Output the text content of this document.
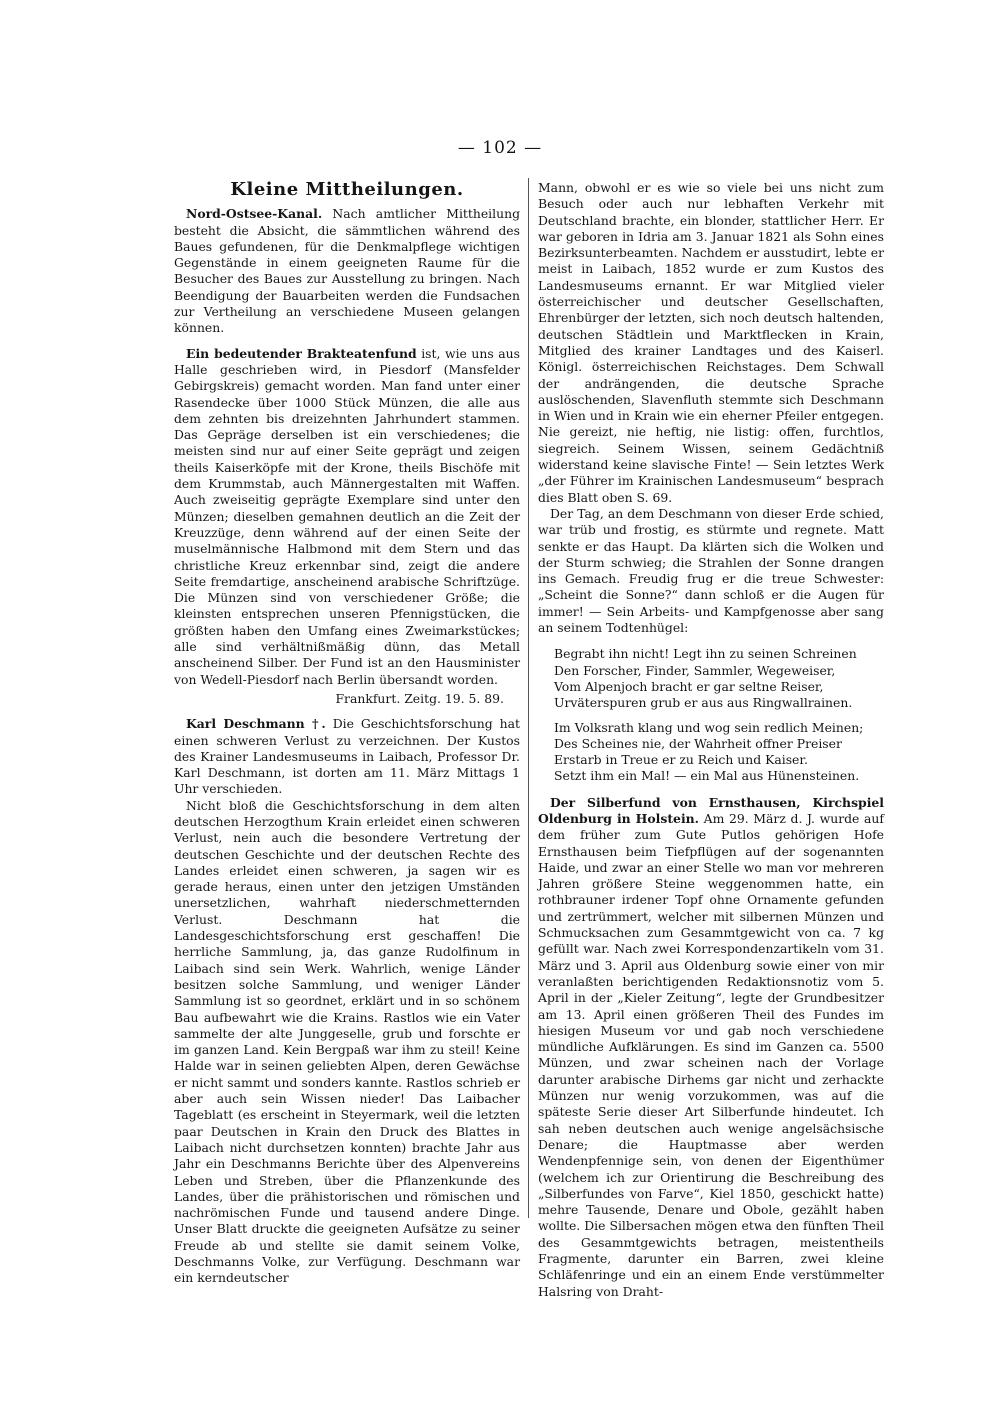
— 102 —
Kleine Mittheilungen.

Nord-Ostsee-Kanal. Nach amtlicher Mittheilung besteht die Absicht, die sämmtlichen während des Baues gefundenen, für die Denkmalpflege wichtigen Gegenstände in einem geeigneten Raume für die Besucher des Baues zur Ausstellung zu bringen. Nach Beendigung der Bauarbeiten werden die Fundsachen zur Vertheilung an verschiedene Museen gelangen können.

Ein bedeutender Brakteatenfund ist, wie uns aus Halle geschrieben wird, in Piesdorf (Mansfelder Gebirgskreis) gemacht worden. Man fand unter einer Rasendecke über 1000 Stück Münzen, die alle aus dem zehnten bis dreizehnten Jahrhundert stammen. Das Gepräge derselben ist ein verschiedenes; die meisten sind nur auf einer Seite geprägt und zeigen theils Kaiserköpfe mit der Krone, theils Bischöfe mit dem Krummstab, auch Männergestalten mit Waffen. Auch zweiseitig geprägte Exemplare sind unter den Münzen; dieselben gemahnen deutlich an die Zeit der Kreuzzüge, denn während auf der einen Seite der muselmännische Halbmond mit dem Stern und das christliche Kreuz erkennbar sind, zeigt die andere Seite fremdartige, anscheinend arabische Schriftzüge. Die Münzen sind von verschiedener Größe; die kleinsten entsprechen unseren Pfennigstücken, die größten haben den Umfang eines Zweimarkstückes; alle sind verhältnißmäßig dünn, das Metall anscheinend Silber. Der Fund ist an den Hausminister von Wedell-Piesdorf nach Berlin übersandt worden.

Frankfurt. Zeitg. 19. 5. 89.

Karl Deschmann †. Die Geschichtsforschung hat einen schweren Verlust zu verzeichnen. Der Kustos des Krainer Landesmuseums in Laibach, Professor Dr. Karl Deschmann, ist dorten am 11. März Mittags 1 Uhr verschieden.

Nicht bloß die Geschichtsforschung in dem alten deutschen Herzogthum Krain erleidet einen schweren Verlust, nein auch die besondere Vertretung der deutschen Geschichte und der deutschen Rechte des Landes erleidet einen schweren, ja sagen wir es gerade heraus, einen unter den jetzigen Umständen unersetzlichen, wahrhaft niederschmetternden Verlust. Deschmann hat die Landesgeschichtsforschung erst geschaffen! Die herrliche Sammlung, ja, das ganze Rudolfinum in Laibach sind sein Werk. Wahrlich, wenige Länder besitzen solche Sammlung, und weniger Länder Sammlung ist so geordnet, erklärt und in so schönem Bau aufbewahrt wie die Krains. Rastlos wie ein Vater sammelte der alte Junggeselle, grub und forschte er im ganzen Land. Kein Bergpaß war ihm zu steil! Keine Halde war in seinen geliebten Alpen, deren Gewächse er nicht sammt und sonders kannte. Rastlos schrieb er aber auch sein Wissen nieder! Das Laibacher Tageblatt (es erscheint in Steyermark, weil die letzten paar Deutschen in Krain den Druck des Blattes in Laibach nicht durchsetzen konnten) brachte Jahr aus Jahr ein Deschmanns Berichte über des Alpenvereins Leben und Streben, über die Pflanzenkunde des Landes, über die prähistorischen und römischen und nachrömischen Funde und tausend andere Dinge. Unser Blatt druckte die geeigneten Aufsätze zu seiner Freude ab und stellte sie damit seinem Volke, Deschmanns Volke, zur Verfügung. Deschmann war ein kerndeutscher

Mann, obwohl er es wie so viele bei uns nicht zum Besuch oder auch nur lebhaften Verkehr mit Deutschland brachte, ein blonder, stattlicher Herr. Er war geboren in Idria am 3. Januar 1821 als Sohn eines Bezirksunterbeamten. Nachdem er ausstudirt, lebte er meist in Laibach, 1852 wurde er zum Kustos des Landesmuseums ernannt. Er war Mitglied vieler österreichischer und deutscher Gesellschaften, Ehrenbürger der letzten, sich noch deutsch haltenden, deutschen Städtlein und Marktflecken in Krain, Mitglied des krainer Landtages und des Kaiserl. Königl. österreichischen Reichstages. Dem Schwall der andrängenden, die deutsche Sprache auslöschenden, Slavenfluth stemmte sich Deschmann in Wien und in Krain wie ein eherner Pfeiler entgegen. Nie gereizt, nie heftig, nie listig: offen, furchtlos, siegreich. Seinem Wissen, seinem Gedächtniß widerstand keine slavische Finte! — Sein letztes Werk „der Führer im Krainischen Landesmuseum“ besprach dies Blatt oben S. 69.

Der Tag, an dem Deschmann von dieser Erde schied, war trüb und frostig, es stürmte und regnete. Matt senkte er das Haupt. Da klärten sich die Wolken und der Sturm schwieg; die Strahlen der Sonne drangen ins Gemach. Freudig frug er die treue Schwester: „Scheint die Sonne?“ dann schloß er die Augen für immer! — Sein Arbeits- und Kampfgenosse aber sang an seinem Todtenhügel:

Begrabt ihn nicht! Legt ihn zu seinen Schreinen
Den Forscher, Finder, Sammler, Wegeweiser,
Vom Alpenjoch bracht er gar seltne Reiser,
Urväterspuren grub er aus aus Ringwallrainen.
Im Volksrath klang und wog sein redlich Meinen;
Des Scheines nie, der Wahrheit offner Preiser
Erstarb in Treue er zu Reich und Kaiser.
Setzt ihm ein Mal! — ein Mal aus Hünensteinen.

Der Silberfund von Ernsthausen, Kirchspiel Oldenburg in Holstein. Am 29. März d. J. wurde auf dem früher zum Gute Putlos gehörigen Hofe Ernsthausen beim Tiefpflügen auf der sogenannten Haide, und zwar an einer Stelle wo man vor mehreren Jahren größere Steine weggenommen hatte, ein rothbrauner irdener Topf ohne Ornamente gefunden und zertrümmert, welcher mit silbernen Münzen und Schmucksachen zum Gesammtgewicht von ca. 7 kg gefüllt war. Nach zwei Korrespondenzartikeln vom 31. März und 3. April aus Oldenburg sowie einer von mir veranlaßten berichtigenden Redaktionsnotiz vom 5. April in der „Kieler Zeitung“, legte der Grundbesitzer am 13. April einen größeren Theil des Fundes im hiesigen Museum vor und gab noch verschiedene mündliche Aufklärungen. Es sind im Ganzen ca. 5500 Münzen, und zwar scheinen nach der Vorlage darunter arabische Dirhems gar nicht und zerhackte Münzen nur wenig vorzukommen, was auf die späteste Serie dieser Art Silberfunde hindeutet. Ich sah neben deutschen auch wenige angelsächsische Denare; die Hauptmasse aber werden Wendenpfennige sein, von denen der Eigenthümer (welchem ich zur Orientirung die Beschreibung des „Silberfundes von Farve“, Kiel 1850, geschickt hatte) mehre Tausende, Denare und Obole, gezählt haben wollte. Die Silbersachen mögen etwa den fünften Theil des Gesammtgewichts betragen, meistentheils Fragmente, darunter ein Barren, zwei kleine Schläfenringe und ein an einem Ende verstümmelter Halsring von Draht-
